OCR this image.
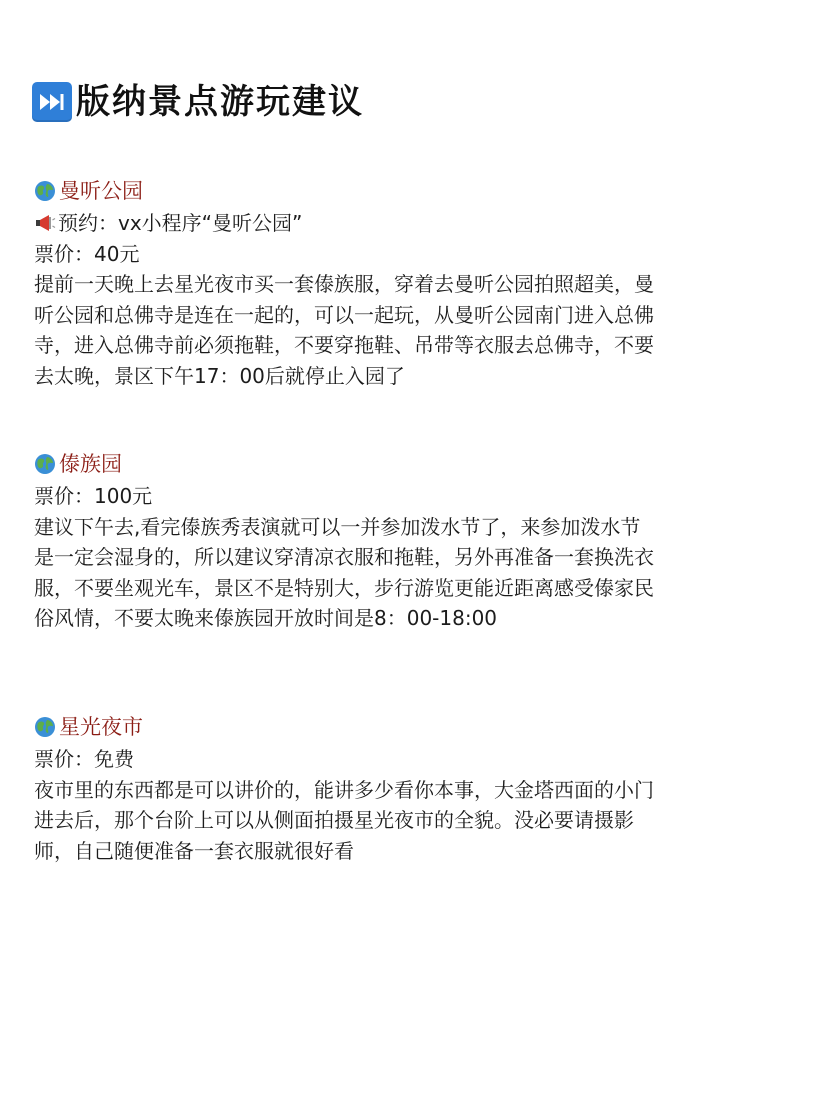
版纳景点游玩建议
曼听公园
预约：vx小程序“曼听公园”
票价：40元
提前一天晚上去星光夜市买一套傣族服，穿着去曼听公园拍照超美，曼
听公园和总佛寺是连在一起的，可以一起玩，从曼听公园南门进入总佛
寺，进入总佛寺前必须拖鞋，不要穿拖鞋、吊带等衣服去总佛寺，不要
去太晚，景区下午17：00后就停止入园了
傣族园
票价：100元
建议下午去,看完傣族秀表演就可以一并参加泼水节了，来参加泼水节
是一定会湿身的，所以建议穿清凉衣服和拖鞋，另外再准备一套换洗衣
服，不要坐观光车，景区不是特别大，步行游览更能近距离感受傣家民
俗风情，不要太晚来傣族园开放时间是8：00-18:00
星光夜市
票价：免费
夜市里的东西都是可以讲价的，能讲多少看你本事，大金塔西面的小门
进去后，那个台阶上可以从侧面拍摄星光夜市的全貌。没必要请摄影
师，自己随便准备一套衣服就很好看
